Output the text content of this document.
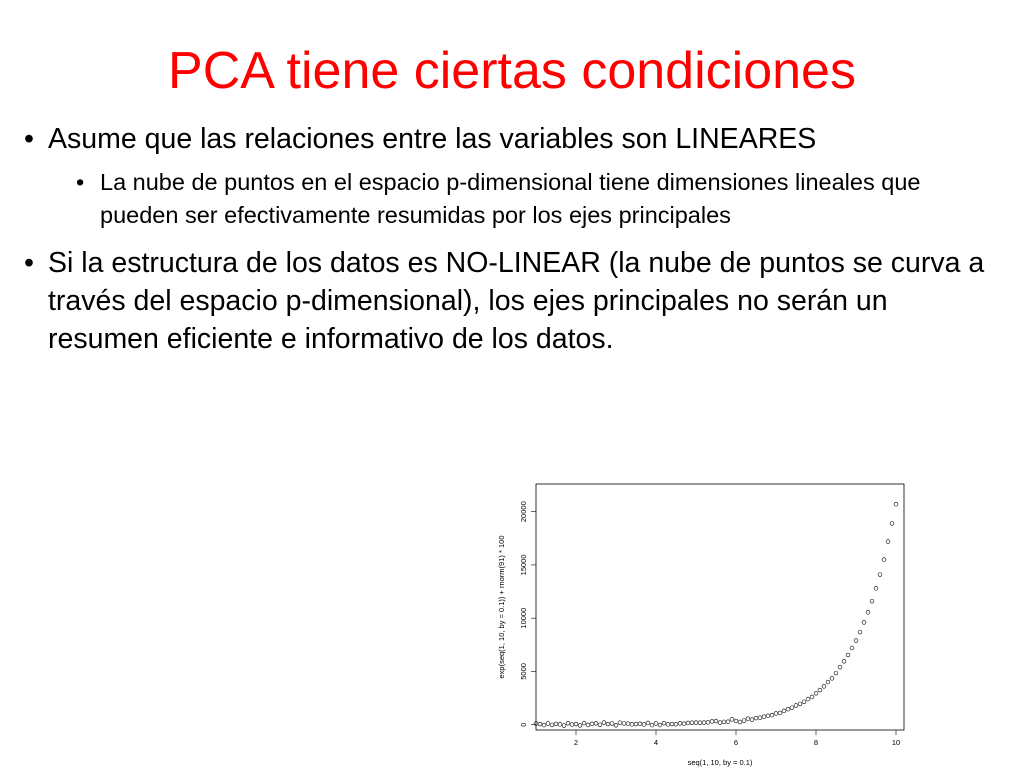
PCA tiene ciertas condiciones
• Asume que las relaciones entre las variables son LINEARES
• La nube de puntos en el espacio p-dimensional tiene dimensiones lineales que pueden ser efectivamente resumidas por los ejes principales
• Si la estructura de los datos es NO-LINEAR (la nube de puntos se curva a través del espacio p-dimensional), los ejes principales no serán un resumen eficiente e informativo de los datos.
2	4	6	8	10
0
5000
10000
15000
20000
seq(1, 10, by = 0.1)
exp(seq(1, 10, by = 0.1)) + rnorm(91) * 100
